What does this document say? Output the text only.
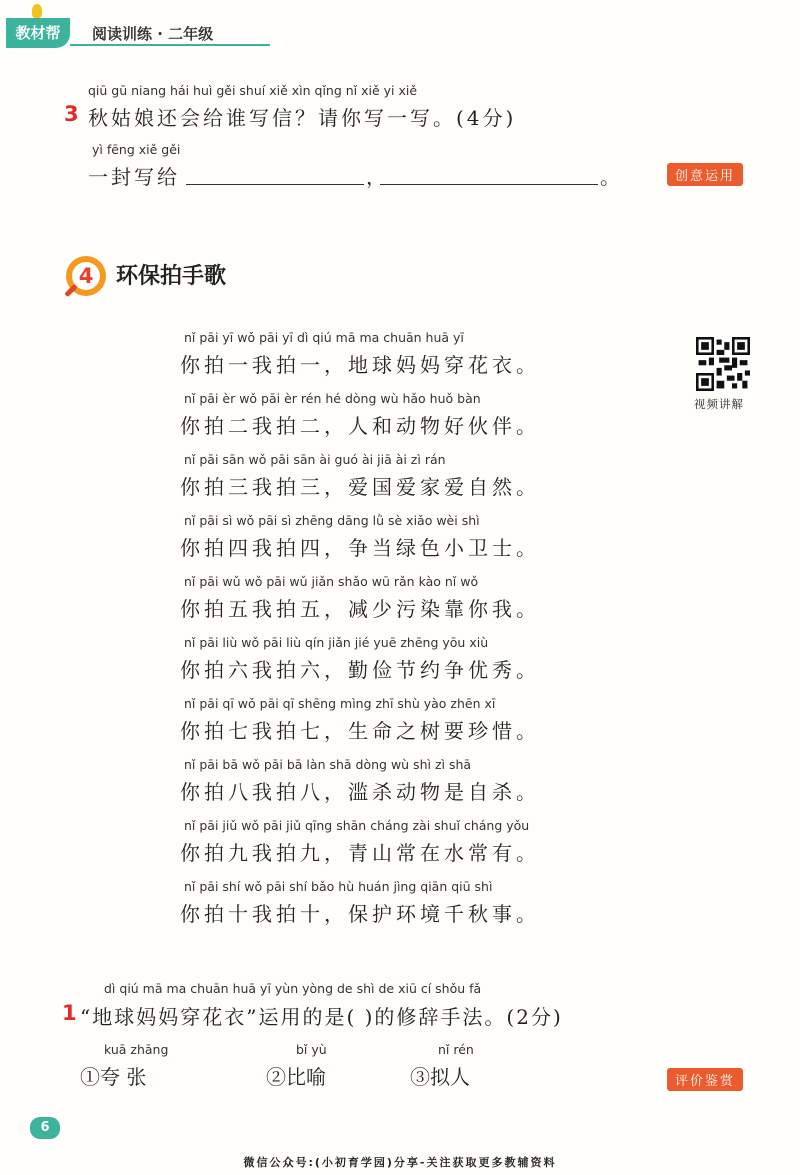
教材帮	阅读训练 · 二年级
qiū gū niang hái huì gěi shuí xiě xìn qǐng nǐ xiě yi xiě
3 秋姑娘还会给谁写信？请你写一写。(4分)
yì fēng xiě gěi
一封写给	，	。	创意运用
4	环保拍手歌
视频讲解
nǐ pāi yī wǒ pāi yī dì qiú mā ma chuān huā yī
你拍一我拍一，地球妈妈穿花衣。
nǐ pāi èr wǒ pāi èr rén hé dòng wù hǎo huǒ bàn
你拍二我拍二，人和动物好伙伴。
nǐ pāi sān wǒ pāi sān ài guó ài jiā ài zì rán
你拍三我拍三，爱国爱家爱自然。
nǐ pāi sì wǒ pāi sì zhēng dāng lǜ sè xiǎo wèi shì
你拍四我拍四，争当绿色小卫士。
nǐ pāi wǔ wǒ pāi wǔ jiǎn shǎo wū rǎn kào nǐ wǒ
你拍五我拍五，减少污染靠你我。
nǐ pāi liù wǒ pāi liù qín jiǎn jié yuē zhēng yōu xiù
你拍六我拍六，勤俭节约争优秀。
nǐ pāi qī wǒ pāi qī shēng mìng zhī shù yào zhēn xī
你拍七我拍七，生命之树要珍惜。
nǐ pāi bā wǒ pāi bā làn shā dòng wù shì zì shā
你拍八我拍八，滥杀动物是自杀。
nǐ pāi jiǔ wǒ pāi jiǔ qīng shān cháng zài shuǐ cháng yǒu
你拍九我拍九，青山常在水常有。
nǐ pāi shí wǒ pāi shí bǎo hù huán jìng qiān qiū shì
你拍十我拍十，保护环境千秋事。
dì qiú mā ma chuān huā yī yùn yòng de shì de xiū cí shǒu fǎ
1 “地球妈妈穿花衣”运用的是( )的修辞手法。(2分)
kuā zhāng
①夸 张
bǐ yù
②比喻
nǐ rén
③拟人	评价鉴赏
6
微信公众号:(小初育学园)分享-关注获取更多教辅资料
